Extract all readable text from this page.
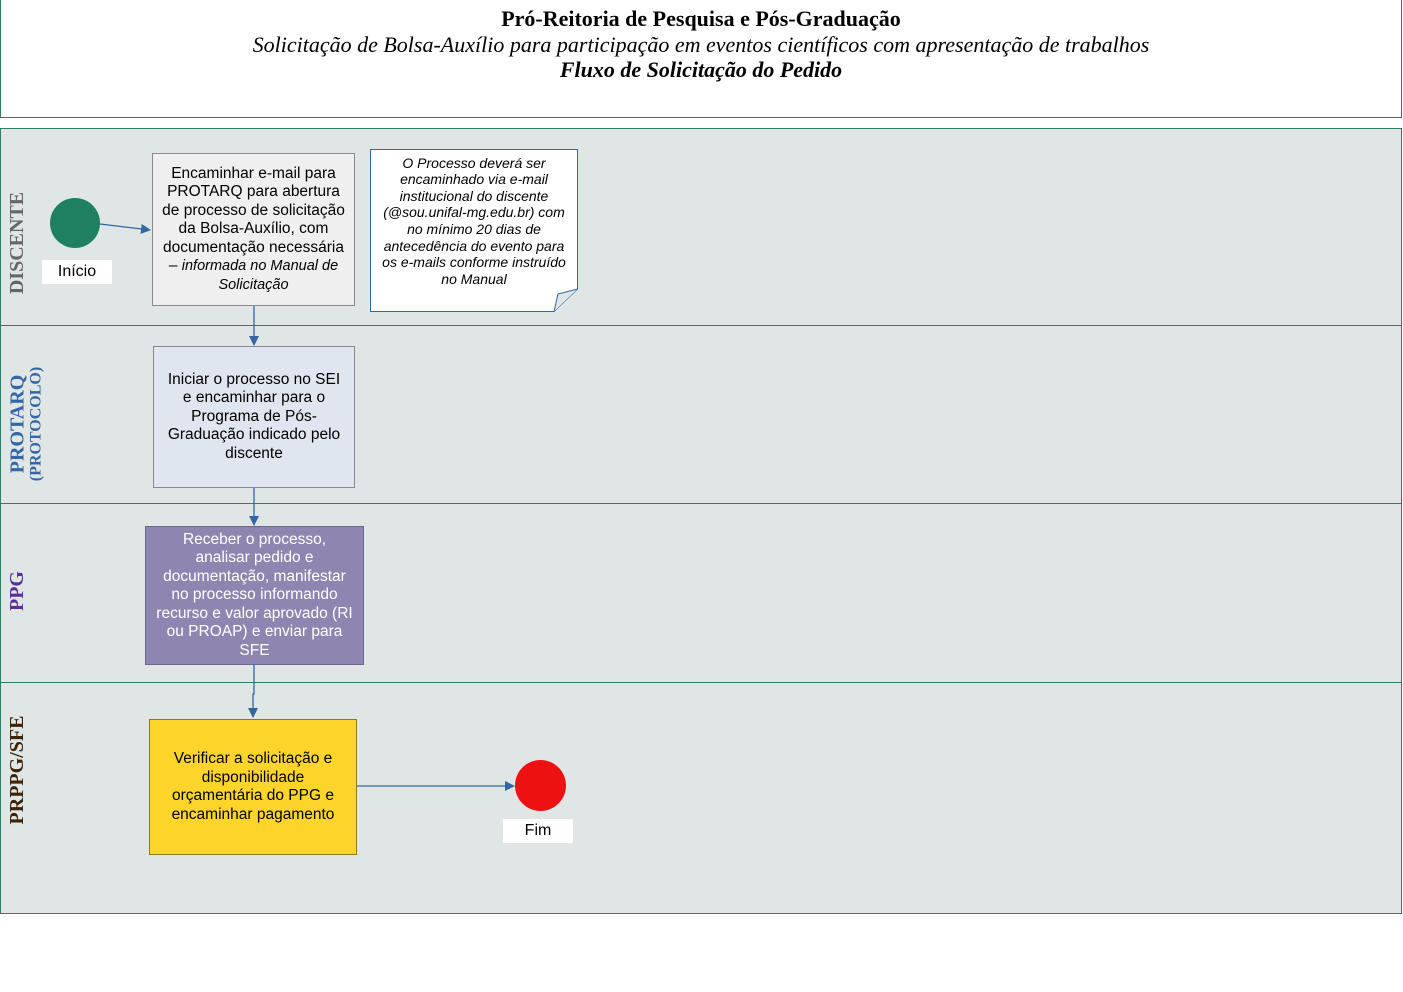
Pró-Reitoria de Pesquisa e Pós-Graduação
Solicitação de Bolsa-Auxílio para participação em eventos científicos com apresentação de trabalhos
Fluxo de Solicitação do Pedido
DISCENTE
PROTARQ (PROTOCOLO)
PPG
PRPPG/SFE
Início
Encaminhar e-mail para PROTARQ para abertura de processo de solicitação da Bolsa-Auxílio, com documentação necessária – informada no Manual de Solicitação
O Processo deverá ser encaminhado via e-mail institucional do discente (@sou.unifal-mg.edu.br) com no mínimo 20 dias de antecedência do evento para os e-mails conforme instruído no Manual
Iniciar o processo no SEI e encaminhar para o Programa de Pós-Graduação indicado pelo discente
Receber o processo, analisar pedido e documentação, manifestar no processo informando recurso e valor aprovado (RI ou PROAP) e enviar para SFE
Verificar a solicitação e disponibilidade orçamentária do PPG e encaminhar pagamento
Fim
